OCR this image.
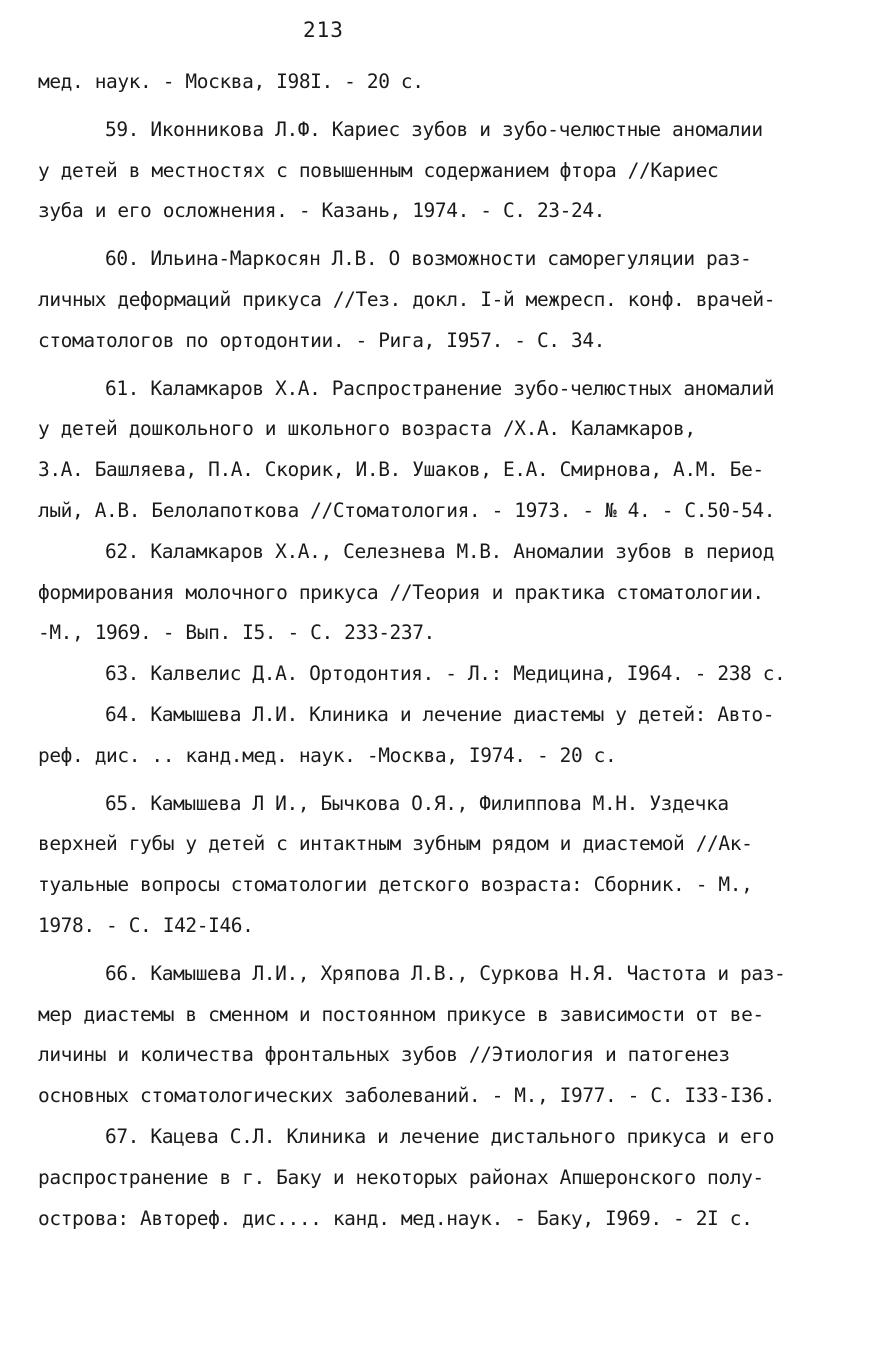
213
мед. наук. - Москва, I98I. - 20 с.
59. Иконникова Л.Ф. Кариес зубов и зубо-челюстные аномалии
у детей в местностях с повышенным содержанием фтора //Кариес
зуба и его осложнения. - Казань, 1974. - С. 23-24.
60. Ильина-Маркосян Л.В. О возможности саморегуляции раз-
личных деформаций прикуса //Тез. докл. I-й межресп. конф. врачей-
стоматологов по ортодонтии. - Рига, I957. - С. 34.
61. Каламкаров Х.А. Распространение зубо-челюстных аномалий
у детей дошкольного и школьного возраста /Х.А. Каламкаров,
З.А. Башляева, П.А. Скорик, И.В. Ушаков, Е.А. Смирнова, А.М. Бе-
лый, А.В. Белолапоткова //Стоматология. - 1973. - № 4. - С.50-54.
62. Каламкаров Х.А., Селезнева М.В. Аномалии зубов в период
формирования молочного прикуса //Теория и практика стоматологии.
-М., 1969. - Вып. I5. - С. 233-237.
63. Калвелис Д.А. Ортодонтия. - Л.: Медицина, I964. - 238 с.
64. Камышева Л.И. Клиника и лечение диастемы у детей: Авто-
реф. дис. .. канд.мед. наук. -Москва, I974. - 20 с.
65. Камышева Л И., Бычкова О.Я., Филиппова М.Н. Уздечка
верхней губы у детей с интактным зубным рядом и диастемой //Ак-
туальные вопросы стоматологии детского возраста: Сборник. - М.,
1978. - С. I42-I46.
66. Камышева Л.И., Хряпова Л.В., Суркова Н.Я. Частота и раз-
мер диастемы в сменном и постоянном прикусе в зависимости от ве-
личины и количества фронтальных зубов //Этиология и патогенез
основных стоматологических заболеваний. - М., I977. - С. I33-I36.
67. Кацева С.Л. Клиника и лечение дистального прикуса и его
распространение в г. Баку и некоторых районах Апшеронского полу-
острова: Автореф. дис.... канд. мед.наук. - Баку, I969. - 2I с.
